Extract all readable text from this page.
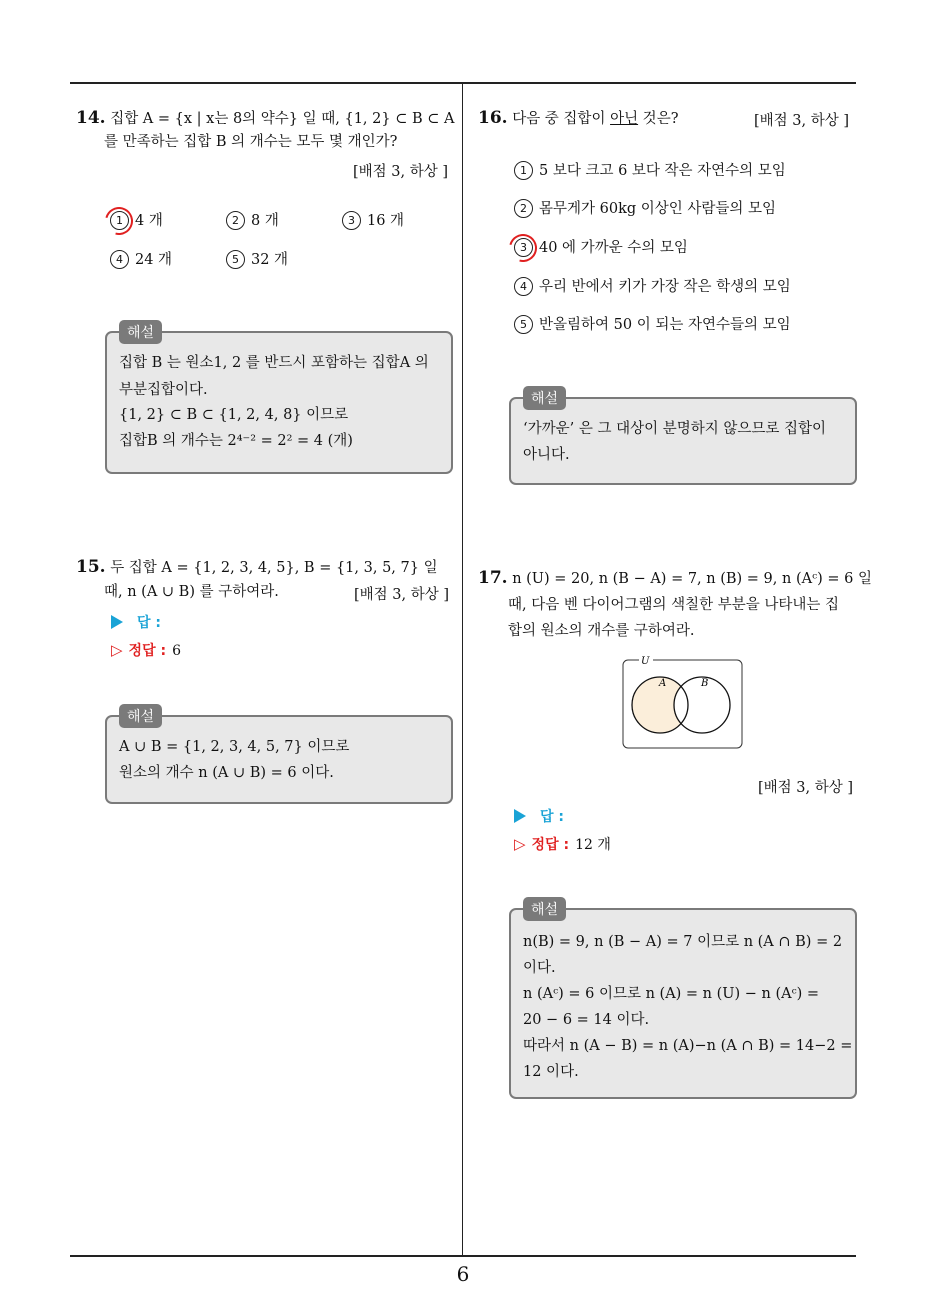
6
14. 집합 A = {x | x는 8의 약수} 일 때, {1, 2} ⊂ B ⊂ A
를 만족하는 집합 B 의 개수는 모두 몇 개인가?
[배점 3, 하상 ]
1 4 개	2 8 개	3 16 개
4 24 개	5 32 개
해설
집합 B 는 원소1, 2 를 반드시 포함하는 집합A 의
부분집합이다.
{1, 2} ⊂ B ⊂ {1, 2, 4, 8} 이므로
집합B 의 개수는 2⁴⁻² = 2² = 4 (개)
15. 두 집합 A = {1, 2, 3, 4, 5}, B = {1, 3, 5, 7} 일
때, n (A ∪ B) 를 구하여라.	[배점 3, 하상 ]
답 :
▷ 정답 : 6
해설
A ∪ B = {1, 2, 3, 4, 5, 7} 이므로
원소의 개수 n (A ∪ B) = 6 이다.
16. 다음 중 집합이 아닌 것은?	[배점 3, 하상 ]
1 5 보다 크고 6 보다 작은 자연수의 모임
2 몸무게가 60kg 이상인 사람들의 모임
3 40 에 가까운 수의 모임
4 우리 반에서 키가 가장 작은 학생의 모임
5 반올림하여 50 이 되는 자연수들의 모임
해설
‘가까운’ 은 그 대상이 분명하지 않으므로 집합이
아니다.
17. n (U) = 20, n (B − A) = 7, n (B) = 9, n (Aᶜ) = 6 일
때, 다음 벤 다이어그램의 색칠한 부분을 나타내는 집
합의 원소의 개수를 구하여라.
U
A	B
[배점 3, 하상 ]
답 :
▷ 정답 : 12 개
해설
n(B) = 9, n (B − A) = 7 이므로 n (A ∩ B) = 2
이다.
n (Aᶜ) = 6 이므로 n (A) = n (U) − n (Aᶜ) =
20 − 6 = 14 이다.
따라서 n (A − B) = n (A)−n (A ∩ B) = 14−2 =
12 이다.
